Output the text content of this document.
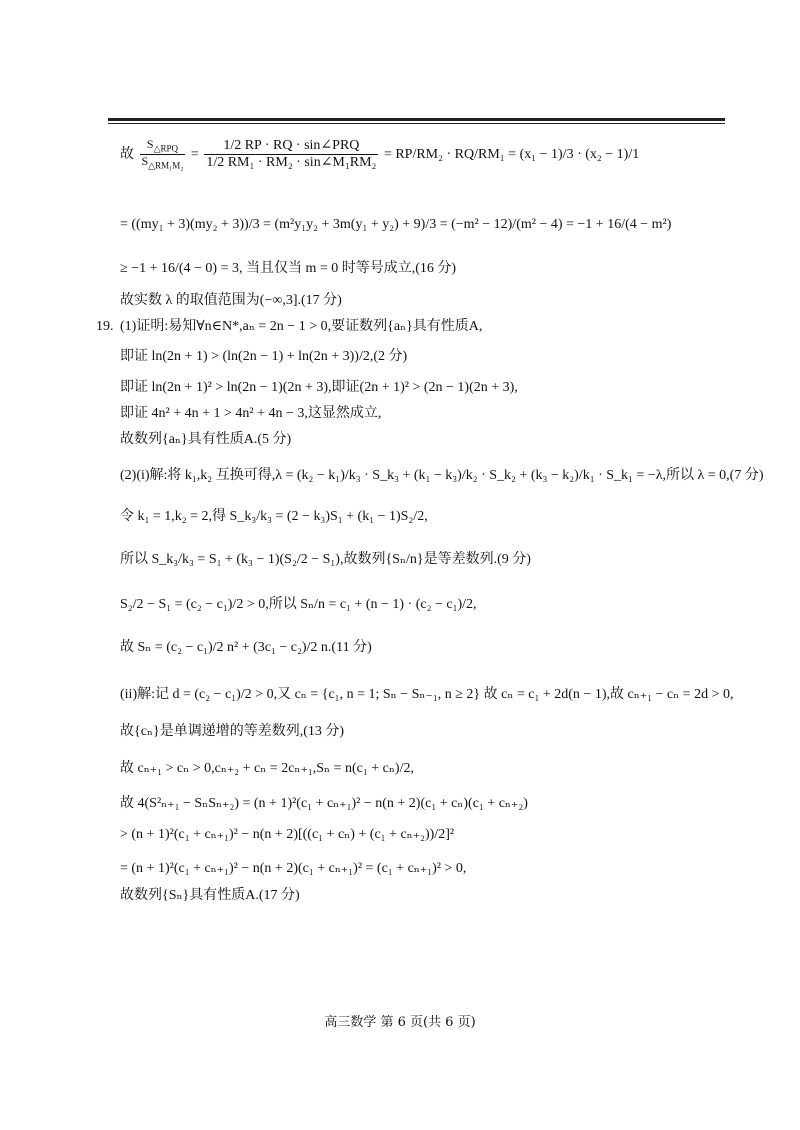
故 $\frac{S_{\triangle RPQ}}{S_{\triangle RM_1M_2}} = \frac{\text{1/2 RP · RQ · sin∠PRQ}}{\text{1/2 RM₁ · RM₂ · sin∠M₁RM₂}} = RP/RM_2 \cdot RQ/RM_1 = (x_1 - 1)/3 \cdot (x_2 - 1)/1$
= ((my₁ + 3)(my₂ + 3))/3 = (m²y₁y₂ + 3m(y₁ + y₂) + 9)/3 = (−m² − 12)/(m² − 4) = −1 + 16/(4 − m²)
≥ −1 + 16/(4 − 0) = 3, 当且仅当 m = 0 时等号成立,(16 分)
故实数 λ 的取值范围为(−∞,3].(17 分)
19. (1)证明:易知∀n∈N*,aₙ = 2n − 1 > 0,要证数列{aₙ}具有性质A,
即证 ln(2n + 1) > (ln(2n − 1) + ln(2n + 3))/2,(2 分)
即证 ln(2n + 1)² > ln(2n − 1)(2n + 3),即证(2n + 1)² > (2n − 1)(2n + 3),
即证 4n² + 4n + 1 > 4n² + 4n − 3,这显然成立,
故数列{aₙ}具有性质A.(5 分)
(2)(i)解:将 k₁,k₂ 互换可得,λ = (k₂ − k₁)/k₃ · S_k₃ + (k₁ − k₃)/k₂ · S_k₂ + (k₃ − k₂)/k₁ · S_k₁ = −λ,所以 λ = 0,(7 分)
令 k₁ = 1,k₂ = 2,得 S_k₃/k₃ = (2 − k₃)S₁ + (k₁ − 1)S₂/2,
所以 S_k₃/k₃ = S₁ + (k₃ − 1)(S₂/2 − S₁),故数列{Sₙ/n}是等差数列.(9 分)
S₂/2 − S₁ = (c₂ − c₁)/2 > 0,所以 Sₙ/n = c₁ + (n − 1) · (c₂ − c₁)/2,
故 Sₙ = (c₂ − c₁)/2 n² + (3c₁ − c₂)/2 n.(11 分)
(ii)解:记 d = (c₂ − c₁)/2 > 0,又 cₙ = {c₁, n = 1; Sₙ − Sₙ₋₁, n ≥ 2} 故 cₙ = c₁ + 2d(n − 1),故 cₙ₊₁ − cₙ = 2d > 0,
故{cₙ}是单调递增的等差数列,(13 分)
故 cₙ₊₁ > cₙ > 0,cₙ₊₂ + cₙ = 2cₙ₊₁,Sₙ = n(c₁ + cₙ)/2,
故 4(S²ₙ₊₁ − SₙSₙ₊₂) = (n + 1)²(c₁ + cₙ₊₁)² − n(n + 2)(c₁ + cₙ)(c₁ + cₙ₊₂)
> (n + 1)²(c₁ + cₙ₊₁)² − n(n + 2)[((c₁ + cₙ) + (c₁ + cₙ₊₂))/2]²
= (n + 1)²(c₁ + cₙ₊₁)² − n(n + 2)(c₁ + cₙ₊₁)² = (c₁ + cₙ₊₁)² > 0,
故数列{Sₙ}具有性质A.(17 分)
高三数学 第 6 页(共 6 页)
